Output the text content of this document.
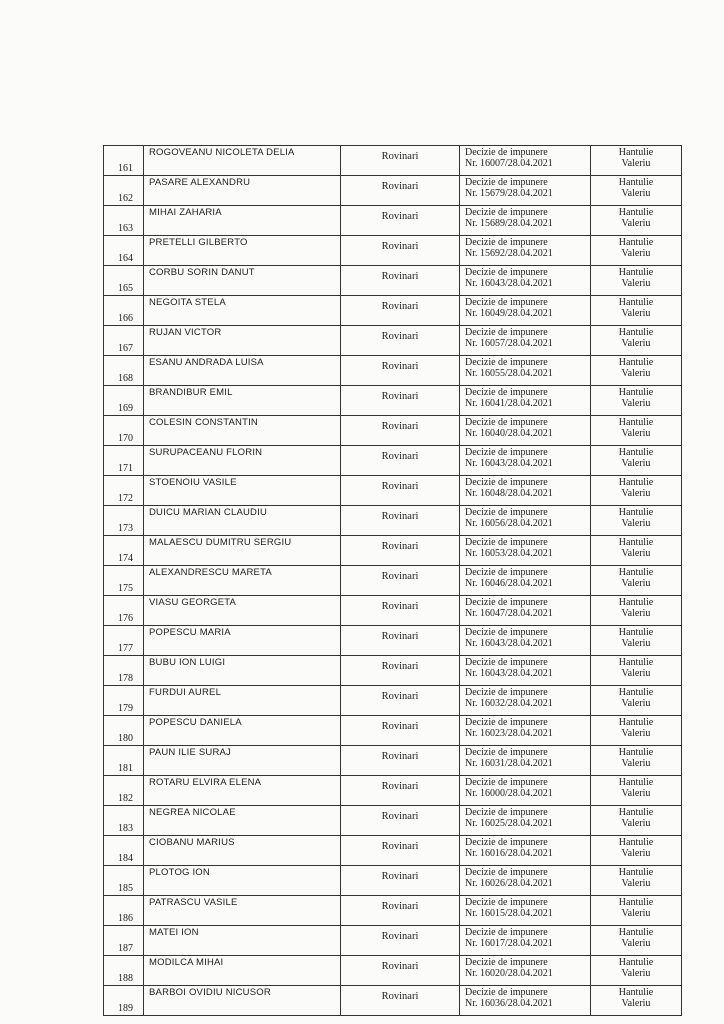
161	ROGOVEANU NICOLETA DELIA	Rovinari	Decizie de impunere
Nr. 16007/28.04.2021	Hantulie
Valeriu

162	PASARE ALEXANDRU	Rovinari	Decizie de impunere
Nr. 15679/28.04.2021	Hantulie
Valeriu

163	MIHAI ZAHARIA	Rovinari	Decizie de impunere
Nr. 15689/28.04.2021	Hantulie
Valeriu

164	PRETELLI GILBERTO	Rovinari	Decizie de impunere
Nr. 15692/28.04.2021	Hantulie
Valeriu

165	CORBU SORIN DANUT	Rovinari	Decizie de impunere
Nr. 16043/28.04.2021	Hantulie
Valeriu

166	NEGOITA STELA	Rovinari	Decizie de impunere
Nr. 16049/28.04.2021	Hantulie
Valeriu

167	RUJAN VICTOR	Rovinari	Decizie de impunere
Nr. 16057/28.04.2021	Hantulie
Valeriu

168	ESANU ANDRADA LUISA	Rovinari	Decizie de impunere
Nr. 16055/28.04.2021	Hantulie
Valeriu

169	BRANDIBUR EMIL	Rovinari	Decizie de impunere
Nr. 16041/28.04.2021	Hantulie
Valeriu

170	COLESIN CONSTANTIN	Rovinari	Decizie de impunere
Nr. 16040/28.04.2021	Hantulie
Valeriu

171	SURUPACEANU FLORIN	Rovinari	Decizie de impunere
Nr. 16043/28.04.2021	Hantulie
Valeriu

172	STOENOIU VASILE	Rovinari	Decizie de impunere
Nr. 16048/28.04.2021	Hantulie
Valeriu

173	DUICU MARIAN CLAUDIU	Rovinari	Decizie de impunere
Nr. 16056/28.04.2021	Hantulie
Valeriu

174	MALAESCU DUMITRU SERGIU	Rovinari	Decizie de impunere
Nr. 16053/28.04.2021	Hantulie
Valeriu

175	ALEXANDRESCU MARETA	Rovinari	Decizie de impunere
Nr. 16046/28.04.2021	Hantulie
Valeriu

176	VIASU GEORGETA	Rovinari	Decizie de impunere
Nr. 16047/28.04.2021	Hantulie
Valeriu

177	POPESCU MARIA	Rovinari	Decizie de impunere
Nr. 16043/28.04.2021	Hantulie
Valeriu

178	BUBU ION LUIGI	Rovinari	Decizie de impunere
Nr. 16043/28.04.2021	Hantulie
Valeriu

179	FURDUI AUREL	Rovinari	Decizie de impunere
Nr. 16032/28.04.2021	Hantulie
Valeriu

180	POPESCU DANIELA	Rovinari	Decizie de impunere
Nr. 16023/28.04.2021	Hantulie
Valeriu

181	PAUN ILIE SURAJ	Rovinari	Decizie de impunere
Nr. 16031/28.04.2021	Hantulie
Valeriu

182	ROTARU ELVIRA ELENA	Rovinari	Decizie de impunere
Nr. 16000/28.04.2021	Hantulie
Valeriu

183	NEGREA NICOLAE	Rovinari	Decizie de impunere
Nr. 16025/28.04.2021	Hantulie
Valeriu

184	CIOBANU MARIUS	Rovinari	Decizie de impunere
Nr. 16016/28.04.2021	Hantulie
Valeriu

185	PLOTOG ION	Rovinari	Decizie de impunere
Nr. 16026/28.04.2021	Hantulie
Valeriu

186	PATRASCU VASILE	Rovinari	Decizie de impunere
Nr. 16015/28.04.2021	Hantulie
Valeriu

187	MATEI ION	Rovinari	Decizie de impunere
Nr. 16017/28.04.2021	Hantulie
Valeriu

188	MODILCA MIHAI	Rovinari	Decizie de impunere
Nr. 16020/28.04.2021	Hantulie
Valeriu

189	BARBOI OVIDIU NICUSOR	Rovinari	Decizie de impunere
Nr. 16036/28.04.2021	Hantulie
Valeriu
